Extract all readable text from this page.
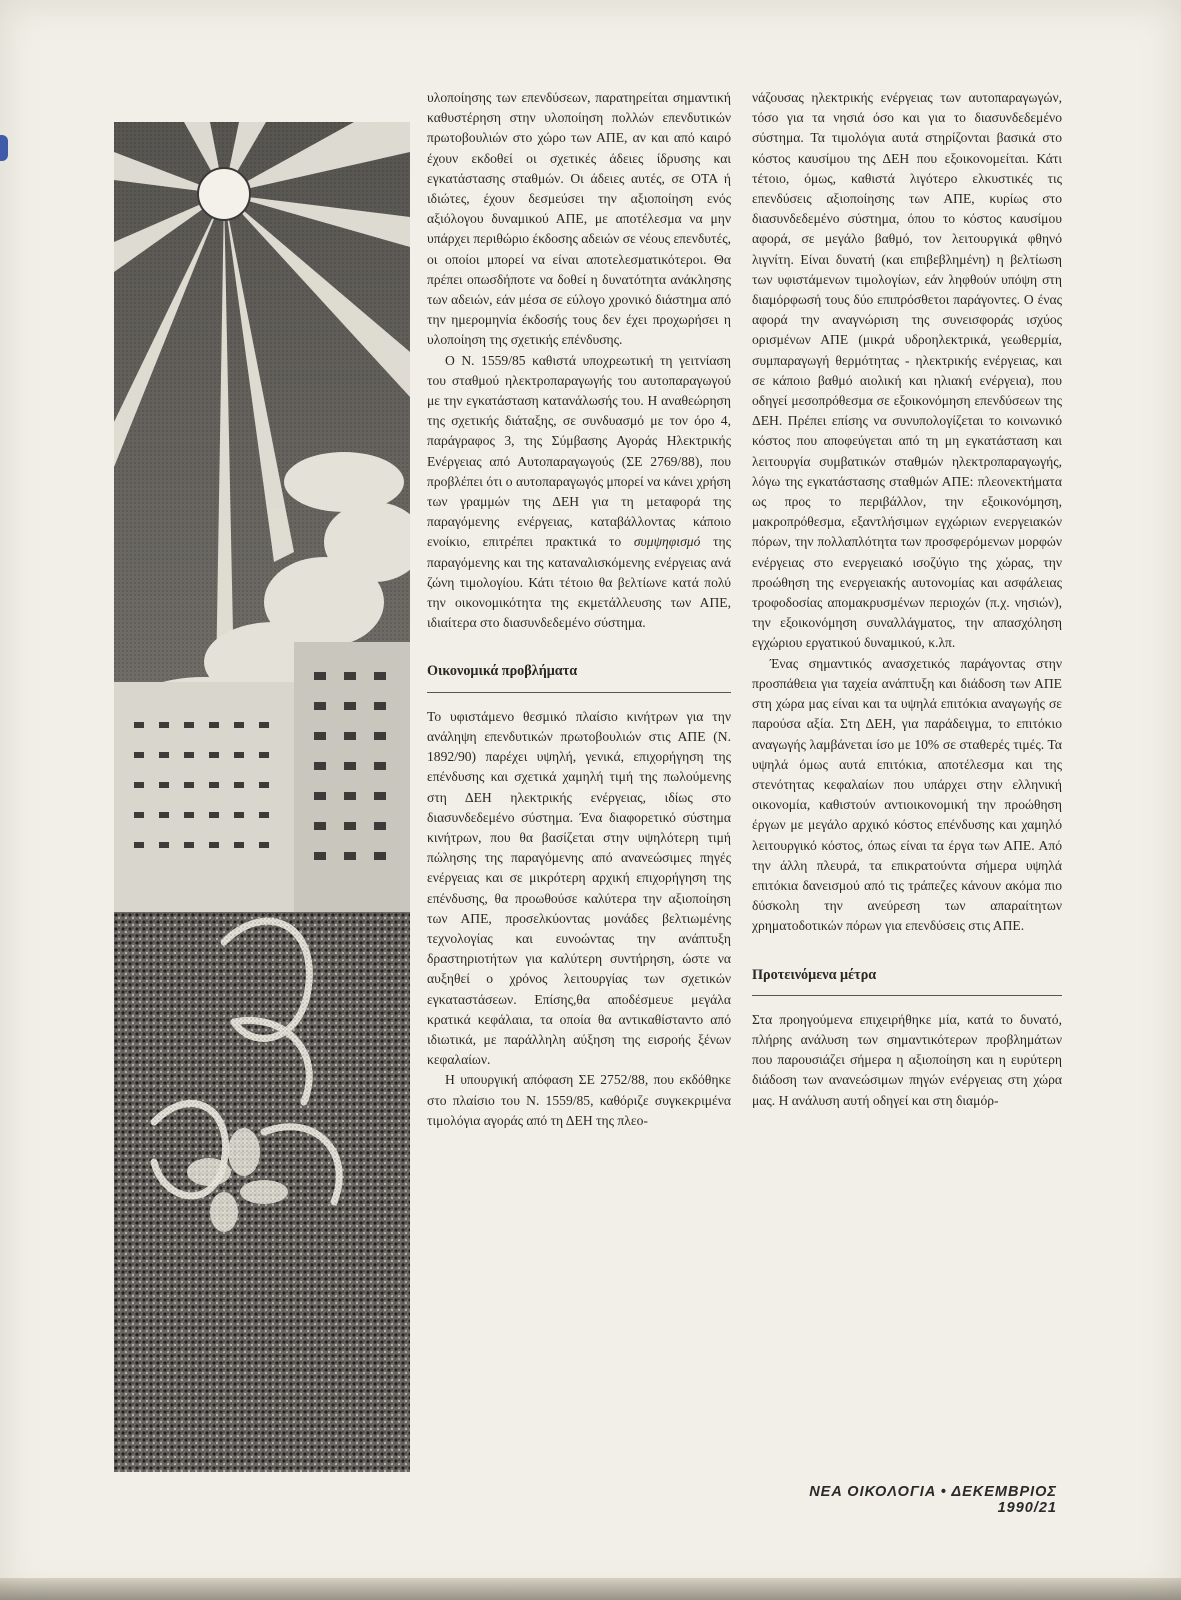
υλοποίησης των επενδύσεων, παρατηρείται σημαντική καθυστέρηση στην υλοποίηση πολλών επενδυτικών πρωτοβουλιών στο χώρο των ΑΠΕ, αν και από καιρό έχουν εκδοθεί οι σχετικές άδειες ίδρυσης και εγκατάστασης σταθμών. Οι άδειες αυτές, σε ΟΤΑ ή ιδιώτες, έχουν δεσμεύσει την αξιοποίηση ενός αξιόλογου δυναμικού ΑΠΕ, με αποτέλεσμα να μην υπάρχει περιθώριο έκδοσης αδειών σε νέους επενδυτές, οι οποίοι μπορεί να είναι αποτελεσματικότεροι. Θα πρέπει οπωσδήποτε να δοθεί η δυνατότητα ανάκλησης των αδειών, εάν μέσα σε εύλογο χρονικό διάστημα από την ημερομηνία έκδοσής τους δεν έχει προχωρήσει η υλοποίηση της σχετικής επένδυσης.

Ο Ν. 1559/85 καθιστά υποχρεωτική τη γειτνίαση του σταθμού ηλεκτροπαραγωγής του αυτοπαραγωγού με την εγκατάσταση κατανάλωσής του. Η αναθεώρηση της σχετικής διάταξης, σε συνδυασμό με τον όρο 4, παράγραφος 3, της Σύμβασης Αγοράς Ηλεκτρικής Ενέργειας από Αυτοπαραγωγούς (ΣΕ 2769/88), που προβλέπει ότι ο αυτοπαραγωγός μπορεί να κάνει χρήση των γραμμών της ΔΕΗ για τη μεταφορά της παραγόμενης ενέργειας, καταβάλλοντας κάποιο ενοίκιο, επιτρέπει πρακτικά το συμψηφισμό της παραγόμενης και της καταναλισκόμενης ενέργειας ανά ζώνη τιμολογίου. Κάτι τέτοιο θα βελτίωνε κατά πολύ την οικονομικότητα της εκμετάλλευσης των ΑΠΕ, ιδιαίτερα στο διασυνδεδεμένο σύστημα.

Οικονομικά προβλήματα

Το υφιστάμενο θεσμικό πλαίσιο κινήτρων για την ανάληψη επενδυτικών πρωτοβουλιών στις ΑΠΕ (Ν. 1892/90) παρέχει υψηλή, γενικά, επιχορήγηση της επένδυσης και σχετικά χαμηλή τιμή της πωλούμενης στη ΔΕΗ ηλεκτρικής ενέργειας, ιδίως στο διασυνδεδεμένο σύστημα. Ένα διαφορετικό σύστημα κινήτρων, που θα βασίζεται στην υψηλότερη τιμή πώλησης της παραγόμενης από ανανεώσιμες πηγές ενέργειας και σε μικρότερη αρχική επιχορήγηση της επένδυσης, θα προωθούσε καλύτερα την αξιοποίηση των ΑΠΕ, προσελκύοντας μονάδες βελτιωμένης τεχνολογίας και ευνοώντας την ανάπτυξη δραστηριοτήτων για καλύτερη συντήρηση, ώστε να αυξηθεί ο χρόνος λειτουργίας των σχετικών εγκαταστάσεων. Επίσης,θα αποδέσμευε μεγάλα κρατικά κεφάλαια, τα οποία θα αντικαθίσταντο από ιδιωτικά, με παράλληλη αύξηση της εισροής ξένων κεφαλαίων.

Η υπουργική απόφαση ΣΕ 2752/88, που εκδόθηκε στο πλαίσιο του Ν. 1559/85, καθόριζε συγκεκριμένα τιμολόγια αγοράς από τη ΔΕΗ της πλεο-

νάζουσας ηλεκτρικής ενέργειας των αυτοπαραγωγών, τόσο για τα νησιά όσο και για το διασυνδεδεμένο σύστημα. Τα τιμολόγια αυτά στηρίζονται βασικά στο κόστος καυσίμου της ΔΕΗ που εξοικονομείται. Κάτι τέτοιο, όμως, καθιστά λιγότερο ελκυστικές τις επενδύσεις αξιοποίησης των ΑΠΕ, κυρίως στο διασυνδεδεμένο σύστημα, όπου το κόστος καυσίμου αφορά, σε μεγάλο βαθμό, τον λειτουργικά φθηνό λιγνίτη. Είναι δυνατή (και επιβεβλημένη) η βελτίωση των υφιστάμενων τιμολογίων, εάν ληφθούν υπόψη στη διαμόρφωσή τους δύο επιπρόσθετοι παράγοντες. Ο ένας αφορά την αναγνώριση της συνεισφοράς ισχύος ορισμένων ΑΠΕ (μικρά υδροηλεκτρικά, γεωθερμία, συμπαραγωγή θερμότητας - ηλεκτρικής ενέργειας, και σε κάποιο βαθμό αιολική και ηλιακή ενέργεια), που οδηγεί μεσοπρόθεσμα σε εξοικονόμηση επενδύσεων της ΔΕΗ. Πρέπει επίσης να συνυπολογίζεται το κοινωνικό κόστος που αποφεύγεται από τη μη εγκατάσταση και λειτουργία συμβατικών σταθμών ηλεκτροπαραγωγής, λόγω της εγκατάστασης σταθμών ΑΠΕ: πλεονεκτήματα ως προς το περιβάλλον, την εξοικονόμηση, μακροπρόθεσμα, εξαντλήσιμων εγχώριων ενεργειακών πόρων, την πολλαπλότητα των προσφερόμενων μορφών ενέργειας στο ενεργειακό ισοζύγιο της χώρας, την προώθηση της ενεργειακής αυτονομίας και ασφάλειας τροφοδοσίας απομακρυσμένων περιοχών (π.χ. νησιών), την εξοικονόμηση συναλλάγματος, την απασχόληση εγχώριου εργατικού δυναμικού, κ.λπ.

Ένας σημαντικός ανασχετικός παράγοντας στην προσπάθεια για ταχεία ανάπτυξη και διάδοση των ΑΠΕ στη χώρα μας είναι και τα υψηλά επιτόκια αναγωγής σε παρούσα αξία. Στη ΔΕΗ, για παράδειγμα, το επιτόκιο αναγωγής λαμβάνεται ίσο με 10% σε σταθερές τιμές. Τα υψηλά όμως αυτά επιτόκια, αποτέλεσμα και της στενότητας κεφαλαίων που υπάρχει στην ελληνική οικονομία, καθιστούν αντιοικονομική την προώθηση έργων με μεγάλο αρχικό κόστος επένδυσης και χαμηλό λειτουργικό κόστος, όπως είναι τα έργα των ΑΠΕ. Από την άλλη πλευρά, τα επικρατούντα σήμερα υψηλά επιτόκια δανεισμού από τις τράπεζες κάνουν ακόμα πιο δύσκολη την ανεύρεση των απαραίτητων χρηματοδοτικών πόρων για επενδύσεις στις ΑΠΕ.

Προτεινόμενα μέτρα

Στα προηγούμενα επιχειρήθηκε μία, κατά το δυνατό, πλήρης ανάλυση των σημαντικότερων προβλημάτων που παρουσιάζει σήμερα η αξιοποίηση και η ευρύτερη διάδοση των ανανεώσιμων πηγών ενέργειας στη χώρα μας. Η ανάλυση αυτή οδηγεί και στη διαμόρ-

ΝΕΑ ΟΙΚΟΛΟΓΙΑ • ΔΕΚΕΜΒΡΙΟΣ 1990/21
